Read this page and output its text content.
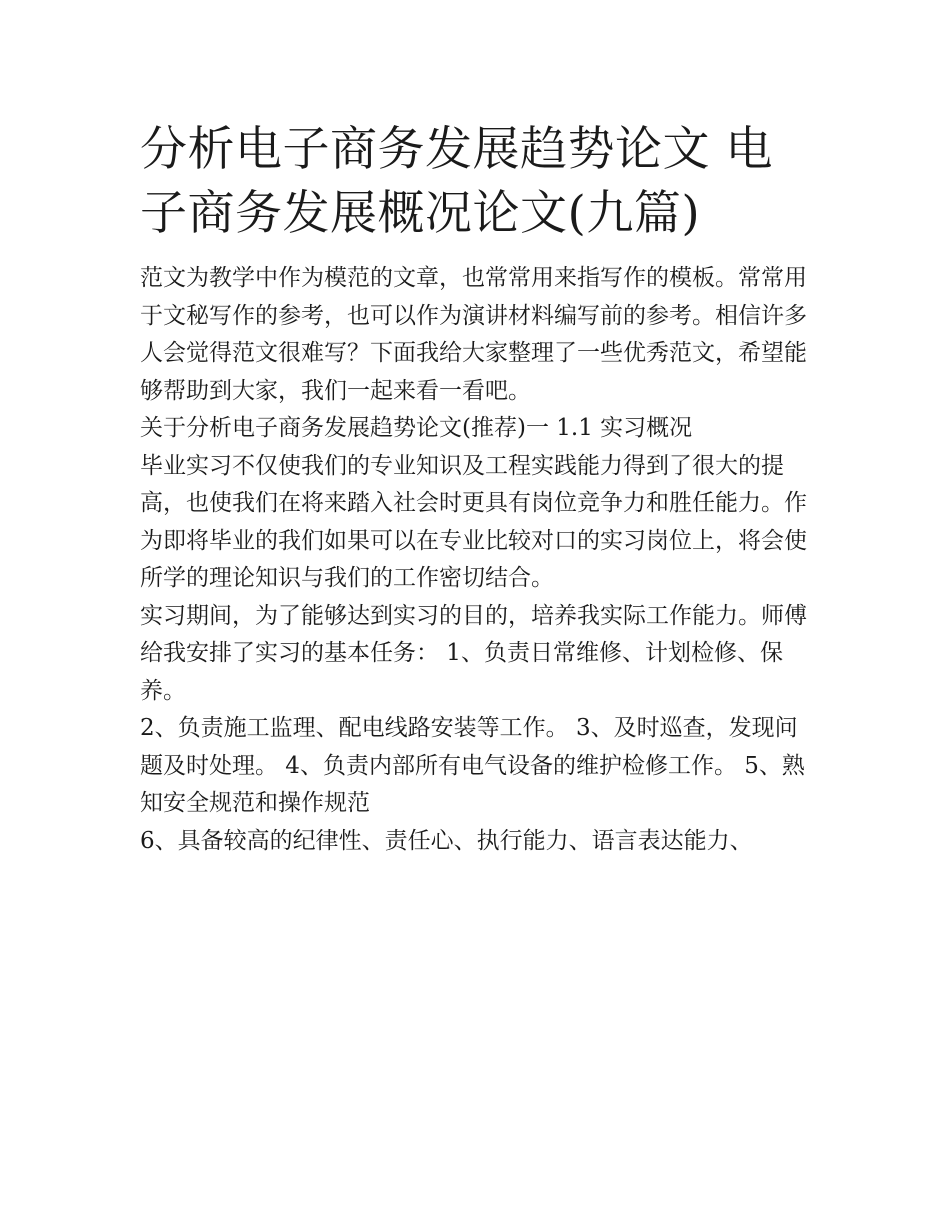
分析电子商务发展趋势论文 电子商务发展概况论文(九篇)

范文为教学中作为模范的文章，也常常用来指写作的模板。常常用于文秘写作的参考，也可以作为演讲材料编写前的参考。相信许多人会觉得范文很难写？下面我给大家整理了一些优秀范文，希望能够帮助到大家，我们一起来看一看吧。

关于分析电子商务发展趋势论文(推荐)一 1.1 实习概况

毕业实习不仅使我们的专业知识及工程实践能力得到了很大的提高，也使我们在将来踏入社会时更具有岗位竞争力和胜任能力。作为即将毕业的我们如果可以在专业比较对口的实习岗位上，将会使所学的理论知识与我们的工作密切结合。

实习期间，为了能够达到实习的目的，培养我实际工作能力。师傅给我安排了实习的基本任务： 1、负责日常维修、计划检修、保养。

2、负责施工监理、配电线路安装等工作。 3、及时巡查，发现问题及时处理。 4、负责内部所有电气设备的维护检修工作。 5、熟知安全规范和操作规范

6、具备较高的纪律性、责任心、执行能力、语言表达能力、
